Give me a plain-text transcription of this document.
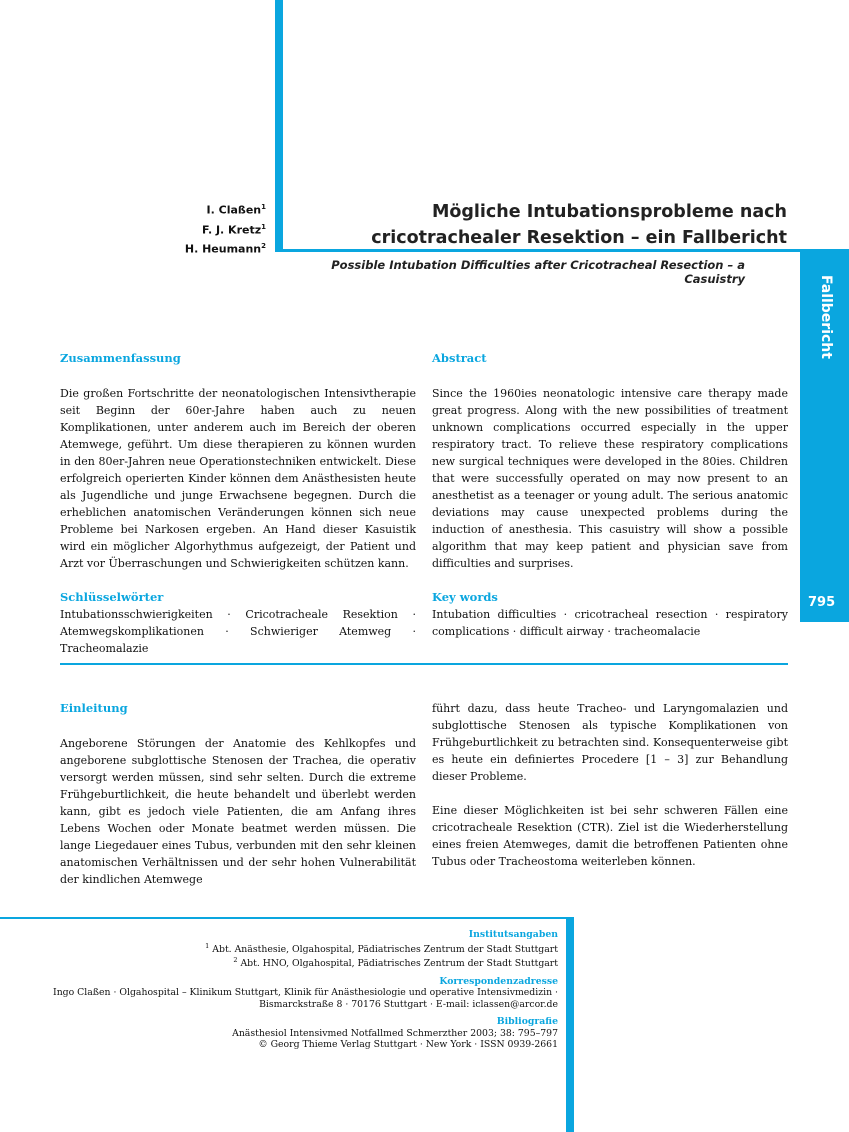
Fallbericht
795
I. Claßen$^1$
F. J. Kretz$^1$
H. Heumann$^2$
Mögliche Intubationsprobleme nach
cricotrachealer Resektion – ein Fallbericht
Possible Intubation Difficulties after Cricotracheal Resection – a Casuistry

Zusammenfassung

Die großen Fortschritte der neonatologischen Intensivtherapie seit Beginn der 60er-Jahre haben auch zu neuen Komplikationen, unter anderem auch im Bereich der oberen Atemwege, geführt. Um diese therapieren zu können wurden in den 80er-Jahren neue Operationstechniken entwickelt. Diese erfolgreich operierten Kinder können dem Anästhesisten heute als Jugendliche und junge Erwachsene begegnen. Durch die erheblichen anatomischen Veränderungen können sich neue Probleme bei Narkosen ergeben. An Hand dieser Kasuistik wird ein möglicher Algorhythmus aufgezeigt, der Patient und Arzt vor Überraschungen und Schwierigkeiten schützen kann.

Schlüsselwörter

Intubationsschwierigkeiten · Cricotracheale Resektion · Atemwegskomplikationen · Schwieriger Atemweg · Tracheomalazie

Abstract

Since the 1960ies neonatologic intensive care therapy made great progress. Along with the new possibilities of treatment unknown complications occurred especially in the upper respiratory tract. To relieve these respiratory complications new surgical techniques were developed in the 80ies. Children that were successfully operated on may now present to an anesthetist as a teenager or young adult. The serious anatomic deviations may cause unexpected problems during the induction of anesthesia. This casuistry will show a possible algorithm that may keep patient and physician save from difficulties and surprises.

Key words

Intubation difficulties · cricotracheal resection · respiratory complications · difficult airway · tracheomalacie

Einleitung

Angeborene Störungen der Anatomie des Kehlkopfes und angeborene subglottische Stenosen der Trachea, die operativ versorgt werden müssen, sind sehr selten. Durch die extreme Frühgeburtlichkeit, die heute behandelt und überlebt werden kann, gibt es jedoch viele Patienten, die am Anfang ihres Lebens Wochen oder Monate beatmet werden müssen. Die lange Liegedauer eines Tubus, verbunden mit den sehr kleinen anatomischen Verhältnissen und der sehr hohen Vulnerabilität der kindlichen Atemwege

führt dazu, dass heute Tracheo- und Laryngomalazien und subglottische Stenosen als typische Komplikationen von Frühgeburtlichkeit zu betrachten sind. Konsequenterweise gibt es heute ein definiertes Procedere [1 – 3] zur Behandlung dieser Probleme.

Eine dieser Möglichkeiten ist bei sehr schweren Fällen eine cricotracheale Resektion (CTR). Ziel ist die Wiederherstellung eines freien Atemweges, damit die betroffenen Patienten ohne Tubus oder Tracheostoma weiterleben können.

Institutsangaben
$^1$ Abt. Anästhesie, Olgahospital, Pädiatrisches Zentrum der Stadt Stuttgart
$^2$ Abt. HNO, Olgahospital, Pädiatrisches Zentrum der Stadt Stuttgart
Korrespondenzadresse
Ingo Claßen · Olgahospital – Klinikum Stuttgart, Klinik für Anästhesiologie und operative Intensivmedizin ·
Bismarckstraße 8 · 70176 Stuttgart · E-mail: iclassen@arcor.de
Bibliografie
Anästhesiol Intensivmed Notfallmed Schmerzther 2003; 38: 795–797
© Georg Thieme Verlag Stuttgart · New York · ISSN 0939-2661
